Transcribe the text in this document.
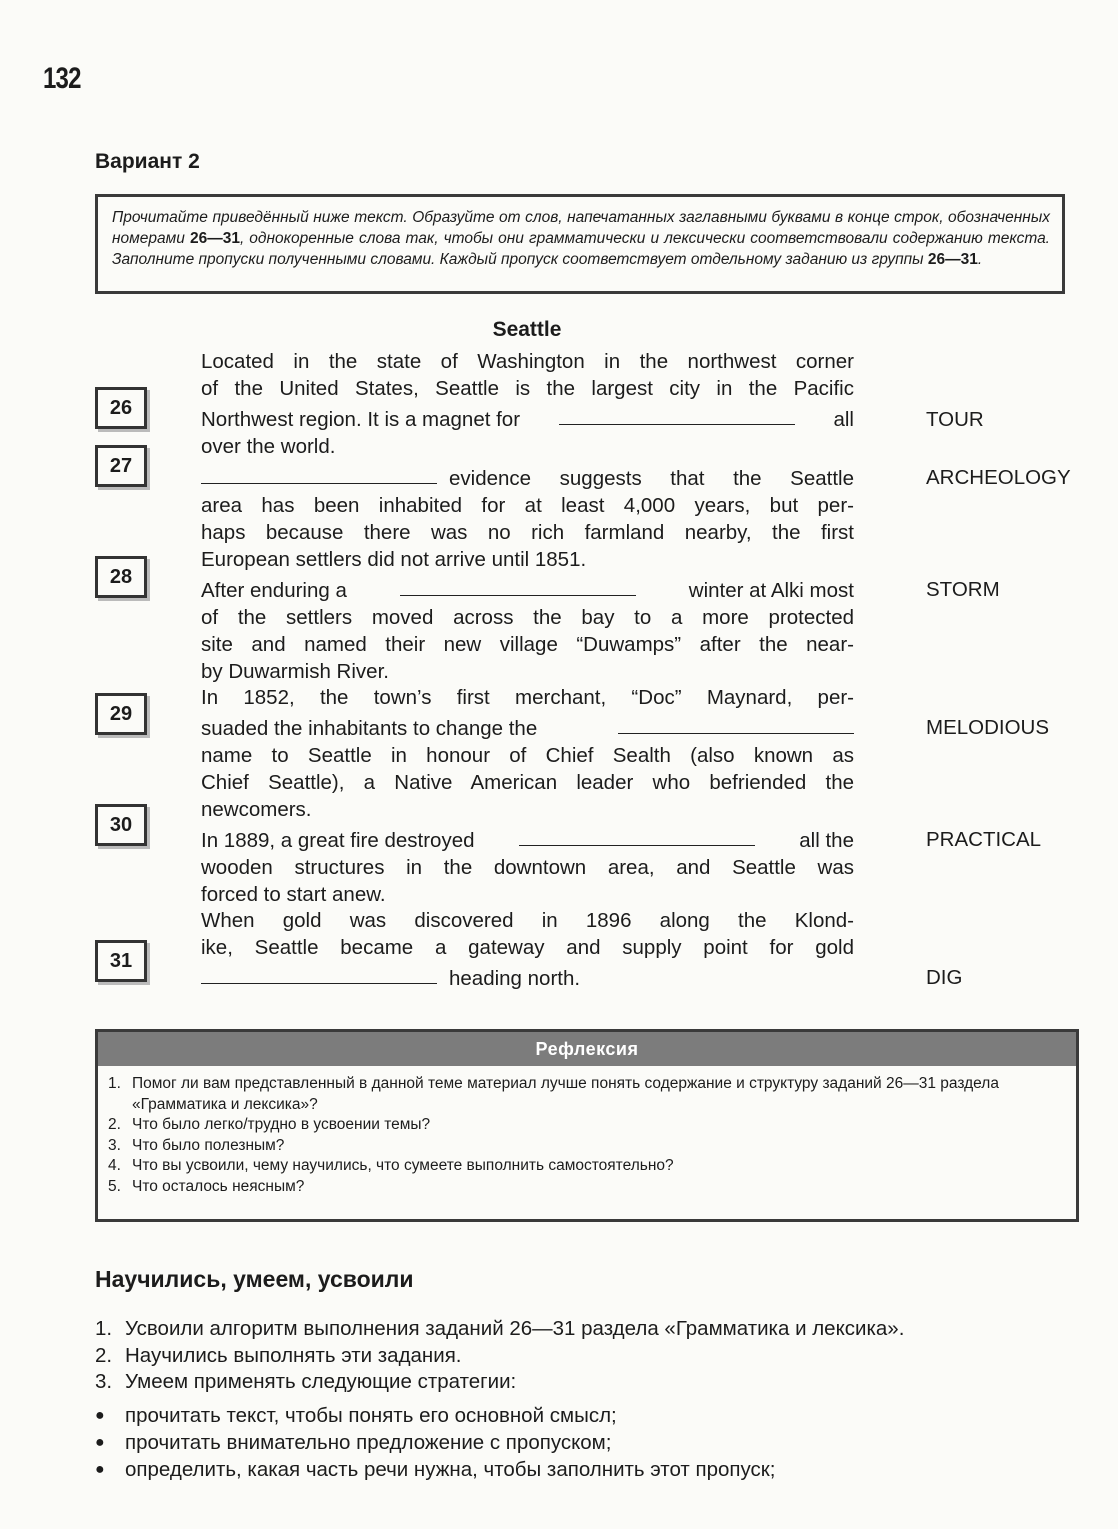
132
Вариант 2
Прочитайте приведённый ниже текст. Образуйте от слов, напечатанных заглавными буквами в конце строк, обозначенных номерами 26—31, однокоренные слова так, чтобы они грамматически и лексически соответствовали содержанию текста. Заполните пропуски полученными словами. Каждый пропуск соответствует отдельному заданию из группы 26—31.
Seattle
26
27
28
29
30
31
TOUR
ARCHEOLOGY
STORM
MELODIOUS
PRACTICAL
DIG
Located in the state of Washington in the northwest corner
of the United States, Seattle is the largest city in the Pacific
Northwest region. It is a magnet for	all
over the world.
evidence suggests that the Seattle
area has been inhabited for at least 4,000 years, but per-
haps because there was no rich farmland nearby, the first
European settlers did not arrive until 1851.
After enduring a	winter at Alki most
of the settlers moved across the bay to a more protected
site and named their new village “Duwamps” after the near-
by Duwarmish River.
In 1852, the town’s first merchant, “Doc” Maynard, per-
suaded the inhabitants to change the
name to Seattle in honour of Chief Sealth (also known as
Chief Seattle), a Native American leader who befriended the
newcomers.
In 1889, a great fire destroyed	all the
wooden structures in the downtown area, and Seattle was
forced to start anew.
When gold was discovered in 1896 along the Klond-
ike, Seattle became a gateway and supply point for gold
heading north.
Рефлексия
1. Помог ли вам представленный в данной теме материал лучше понять содержание и структуру заданий 26—31 раздела «Грамматика и лексика»?
2. Что было легко/трудно в усвоении темы?
3. Что было полезным?
4. Что вы усвоили, чему научились, что сумеете выполнить самостоятельно?
5. Что осталось неясным?
Научились, умеем, усвоили
1. Усвоили алгоритм выполнения заданий 26—31 раздела «Грамматика и лексика».
2. Научились выполнять эти задания.
3. Умеем применять следующие стратегии:
● прочитать текст, чтобы понять его основной смысл;
● прочитать внимательно предложение с пропуском;
● определить, какая часть речи нужна, чтобы заполнить этот пропуск;
